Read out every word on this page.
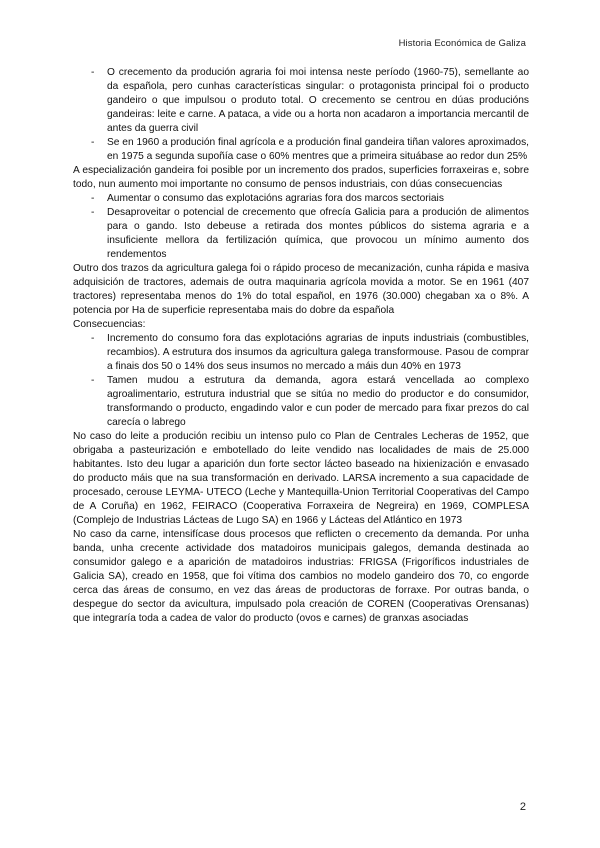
Historia Económica de Galiza
- O crecemento da produción agraria foi moi intensa neste período (1960-75), semellante ao da española, pero cunhas características singular: o protagonista principal foi o producto gandeiro o que impulsou o produto total. O crecemento se centrou en dúas producións gandeiras: leite e carne. A pataca, a vide ou a horta non acadaron a importancia mercantil de antes da guerra civil
- Se en 1960 a produción final agrícola e a produción final gandeira tiñan valores aproximados, en 1975 a segunda supoñía case o 60% mentres que a primeira situábase ao redor dun 25%

A especialización gandeira foi posible por un incremento dos prados, superficies forraxeiras e, sobre todo, nun aumento moi importante no consumo de pensos industriais, con dúas consecuencias

- Aumentar o consumo das explotacións agrarias fora dos marcos sectoriais
- Desaproveitar o potencial de crecemento que ofrecía Galicia para a produción de alimentos para o gando. Isto debeuse a retirada dos montes públicos do sistema agraria e a insuficiente mellora da fertilización química, que provocou un mínimo aumento dos rendementos

Outro dos trazos da agricultura galega foi o rápido proceso de mecanización, cunha rápida e masiva adquisición de tractores, ademais de outra maquinaria agrícola movida a motor. Se en 1961 (407 tractores) representaba menos do 1% do total español, en 1976 (30.000) chegaban xa o 8%. A potencia por Ha de superficie representaba mais do dobre da española

Consecuencias:

- Incremento do consumo fora das explotacións agrarias de inputs industriais (combustibles, recambios). A estrutura dos insumos da agricultura galega transformouse. Pasou de comprar a finais dos 50 o 14% dos seus insumos no mercado a máis dun 40% en 1973
- Tamen mudou a estrutura da demanda, agora estará vencellada ao complexo agroalimentario, estrutura industrial que se sitúa no medio do productor e do consumidor, transformando o producto, engadindo valor e cun poder de mercado para fixar prezos do cal carecía o labrego

No caso do leite a produción recibiu un intenso pulo co Plan de Centrales Lecheras de 1952, que obrigaba a pasteurización e embotellado do leite vendido nas localidades de mais de 25.000 habitantes. Isto deu lugar a aparición dun forte sector lácteo baseado na hixienización e envasado do producto máis que na sua transformación en derivado. LARSA incremento a sua capacidade de procesado, cerouse LEYMA- UTECO (Leche y Mantequilla-Union Territorial Cooperativas del Campo de A Coruña) en 1962, FEIRACO (Cooperativa Forraxeira de Negreira) en 1969, COMPLESA (Complejo de Industrias Lácteas de Lugo SA) en 1966 y Lácteas del Atlántico en 1973

No caso da carne, intensifícase dous procesos que reflicten o crecemento da demanda. Por unha banda, unha crecente actividade dos matadoiros municipais galegos, demanda destinada ao consumidor galego e a aparición de matadoiros industrias: FRIGSA (Frigoríficos industriales de Galicia SA), creado en 1958, que foi vítima dos cambios no modelo gandeiro dos 70, co engorde cerca das áreas de consumo, en vez das áreas de productoras de forraxe. Por outras banda, o despegue do sector da avicultura, impulsado pola creación de COREN (Cooperativas Orensanas) que integraría toda a cadea de valor do producto (ovos e carnes) de granxas asociadas

2
